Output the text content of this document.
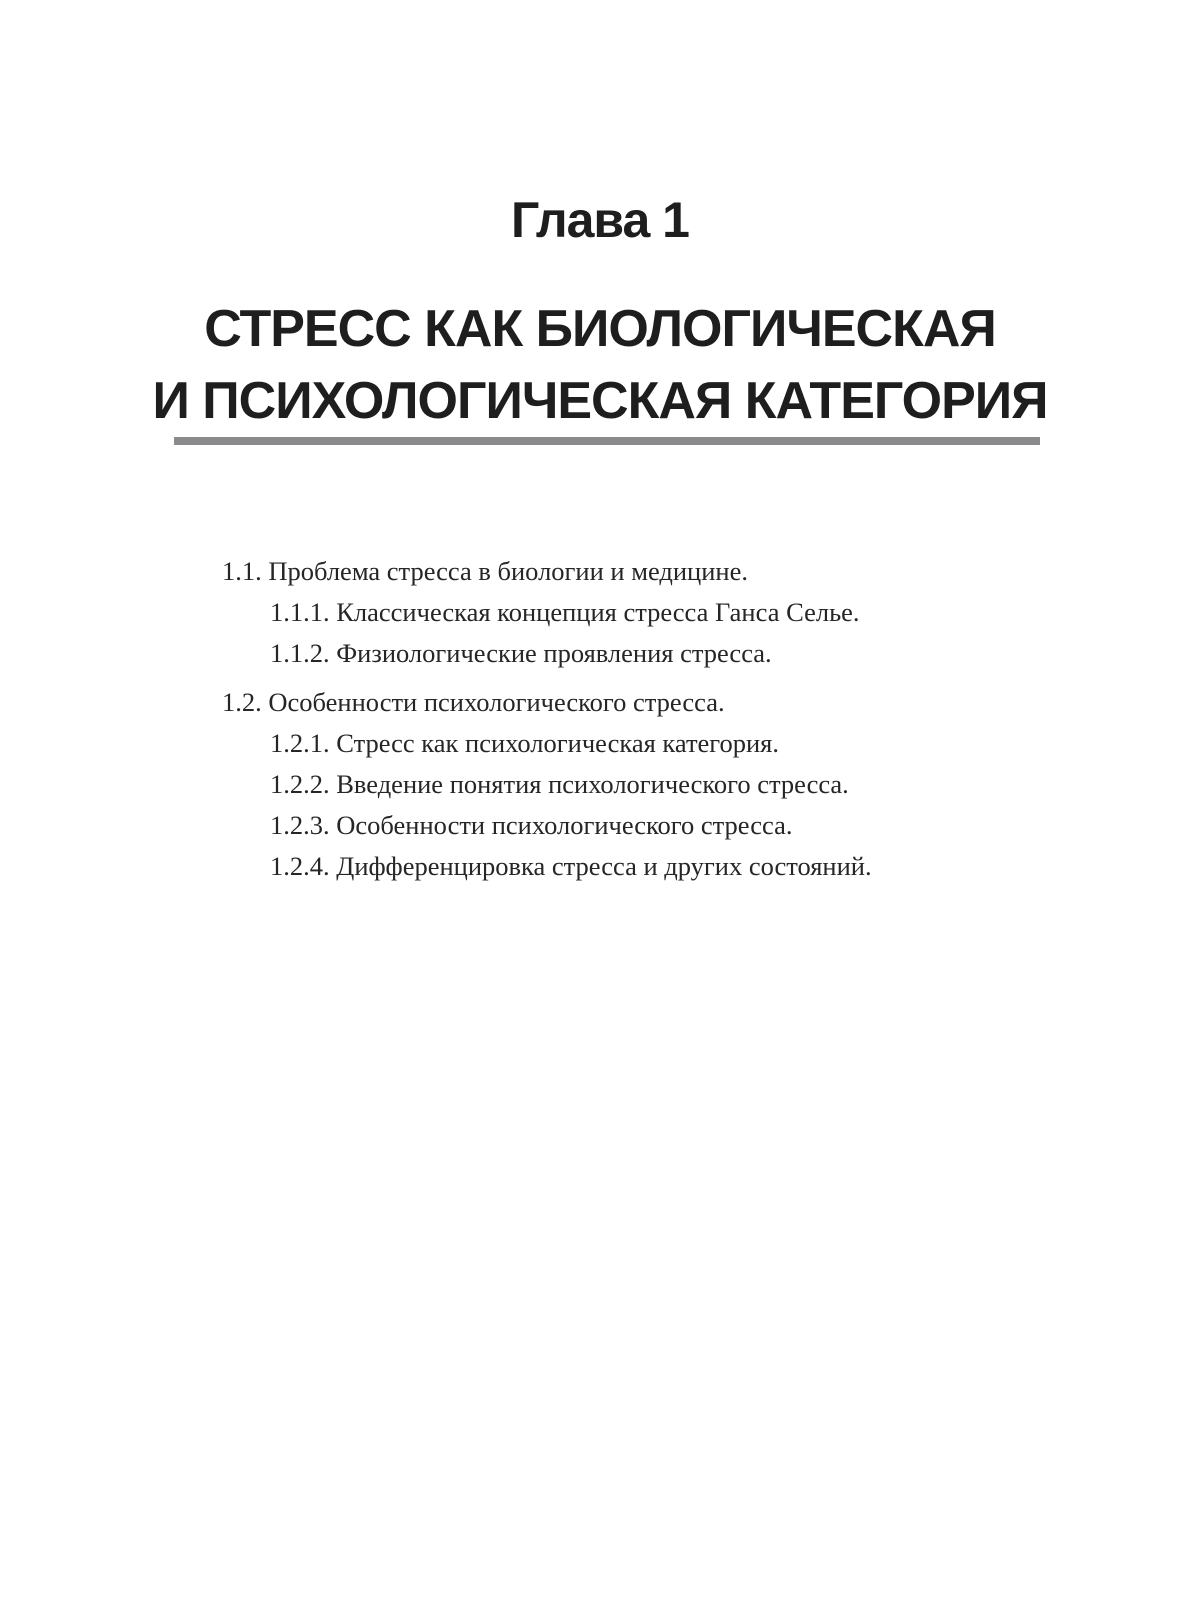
Глава 1
СТРЕСС КАК БИОЛОГИЧЕСКАЯ
И ПСИХОЛОГИЧЕСКАЯ КАТЕГОРИЯ
1.1. Проблема стресса в биологии и медицине.
1.1.1. Классическая концепция стресса Ганса Селье.
1.1.2. Физиологические проявления стресса.
1.2. Особенности психологического стресса.
1.2.1. Стресс как психологическая категория.
1.2.2. Введение понятия психологического стресса.
1.2.3. Особенности психологического стресса.
1.2.4. Дифференцировка стресса и других состояний.
